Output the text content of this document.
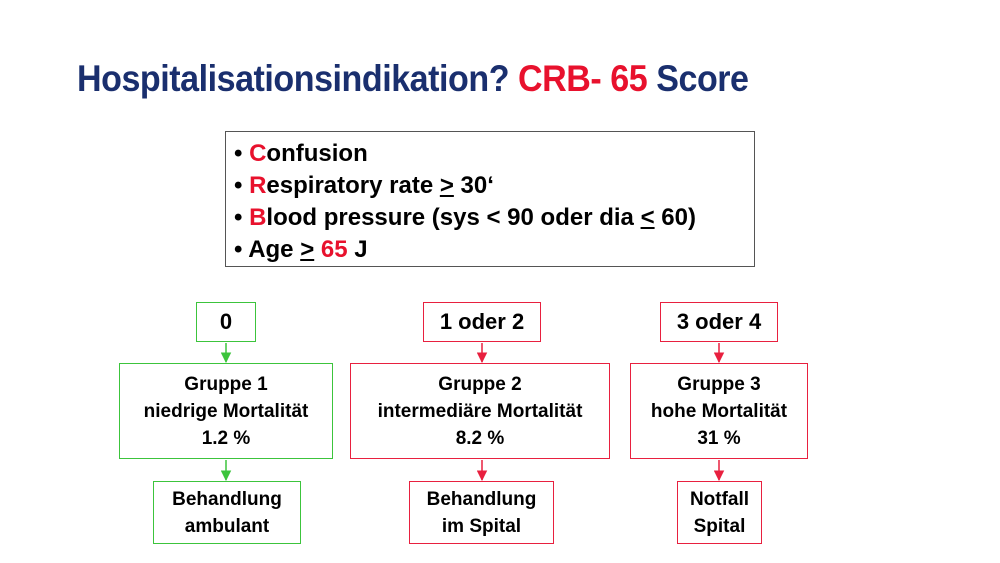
Hospitalisationsindikation? CRB- 65 Score
• Confusion
• Respiratory rate ≥ 30‘
• Blood pressure (sys < 90 oder dia ≤ 60)
• Age ≥ 65 J
0
Gruppe 1
niedrige Mortalität
1.2 %
Behandlung
ambulant
1 oder 2
Gruppe 2
intermediäre Mortalität
8.2 %
Behandlung
im Spital
3 oder 4
Gruppe 3
hohe Mortalität
31 %
Notfall
Spital
